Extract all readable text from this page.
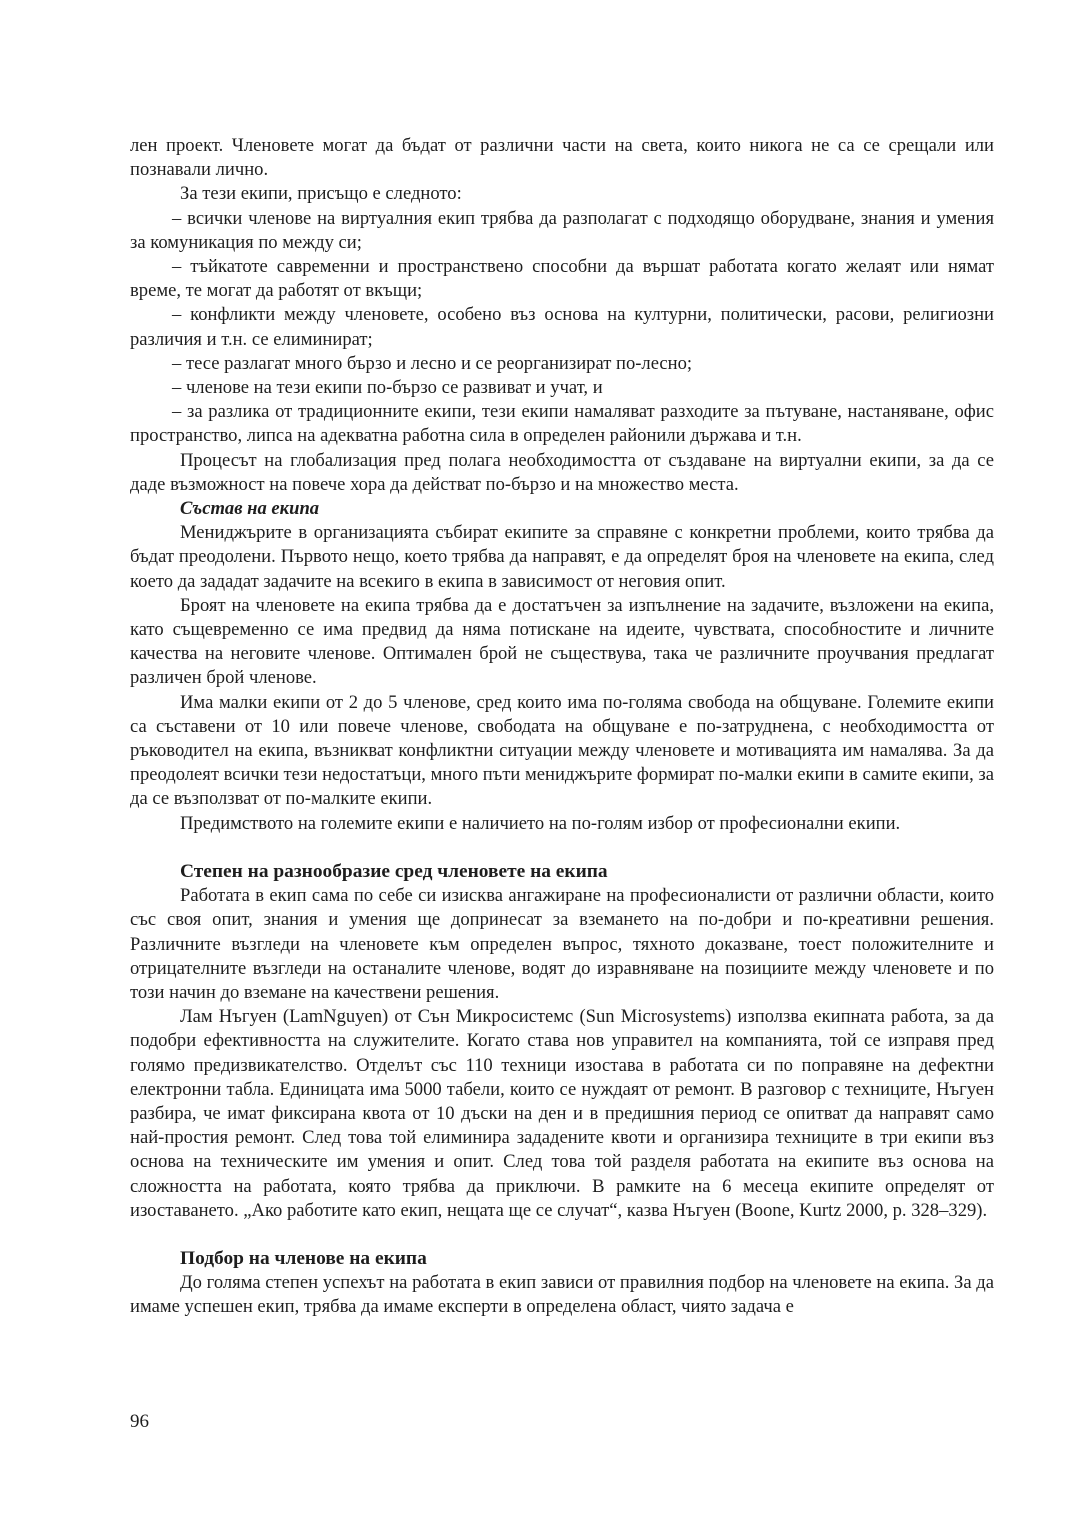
лен проект. Членовете могат да бъдат от различни части на света, които никога не са се срещали или познавали лично.

За тези екипи, присъщо е следното:

– всички членове на виртуалния екип трябва да разполагат с подходящо оборудване, знания и умения за комуникация по между си;

– тъйкатоте савременни и пространствено способни да вършат работата когато желаят или нямат време, те могат да работят от вкъщи;

– конфликти между членовете, особено въз основа на културни, политически, расови, религиозни различия и т.н. се елиминират;

– тесе разлагат много бързо и лесно и се реорганизират по-лесно;

– членове на тези екипи по-бързо се развиват и учат, и

– за разлика от традиционните екипи, тези екипи намаляват разходите за пътуване, настаняване, офис пространство, липса на адекватна работна сила в определен районили държава и т.н.

Процесът на глобализация пред полага необходимостта от създаване на виртуални екипи, за да се даде възможност на повече хора да действат по-бързо и на множество места.

Състав на екипа

Мениджърите в организацията събират екипите за справяне с конкретни проблеми, които трябва да бъдат преодолени. Първото нещо, което трябва да направят, е да определят броя на членовете на екипа, след което да зададат задачите на всекиго в екипа в зависимост от неговия опит.

Броят на членовете на екипа трябва да е достатъчен за изпълнение на задачите, възложени на екипа, като същевременно се има предвид да няма потискане на идеите, чувствата, способностите и личните качества на неговите членове. Оптимален брой не съществува, така че различните проучвания предлагат различен брой членове.

Има малки екипи от 2 до 5 членове, сред които има по-голяма свобода на общуване. Големите екипи са съставени от 10 или повече членове, свободата на общуване е по-затруднена, с необходимостта от ръководител на екипа, възникват конфликтни ситуации между членовете и мотивацията им намалява. За да преодолеят всички тези недостатъци, много пъти мениджърите формират по-малки екипи в самите екипи, за да се възползват от по-малките екипи.

Предимството на големите екипи е наличието на по-голям избор от професионални екипи.

Степен на разнообразие сред членовете на екипа

Работата в екип сама по себе си изисква ангажиране на професионалисти от различни области, които със своя опит, знания и умения ще допринесат за вземането на по-добри и по-креативни решения. Различните възгледи на членовете към определен въпрос, тяхното доказване, тоест положителните и отрицателните възгледи на останалите членове, водят до изравняване на позициите между членовете и по този начин до вземане на качествени решения.

Лам Нъгуен (LamNguyen) от Сън Микросистемс (Sun Microsystems) използва екипната работа, за да подобри ефективността на служителите. Когато става нов управител на компанията, той се изправя пред голямо предизвикателство. Отделът със 110 техници изостава в работата си по поправяне на дефектни електронни табла. Единицата има 5000 табели, които се нуждаят от ремонт. В разговор с техниците, Нъгуен разбира, че имат фиксирана квота от 10 дъски на ден и в предишния период се опитват да направят само най-простия ремонт. След това той елиминира зададените квоти и организира техниците в три екипи въз основа на техническите им умения и опит. След това той разделя работата на екипите въз основа на сложността на работата, която трябва да приключи. В рамките на 6 месеца екипите определят от изоставането. „Ако работите като екип, нещата ще се случат“, казва Нъгуен (Boone, Kurtz 2000, p. 328–329).

Подбор на членове на екипа

До голяма степен успехът на работата в екип зависи от правилния подбор на членовете на екипа. За да имаме успешен екип, трябва да имаме експерти в определена област, чиято задача е

96
